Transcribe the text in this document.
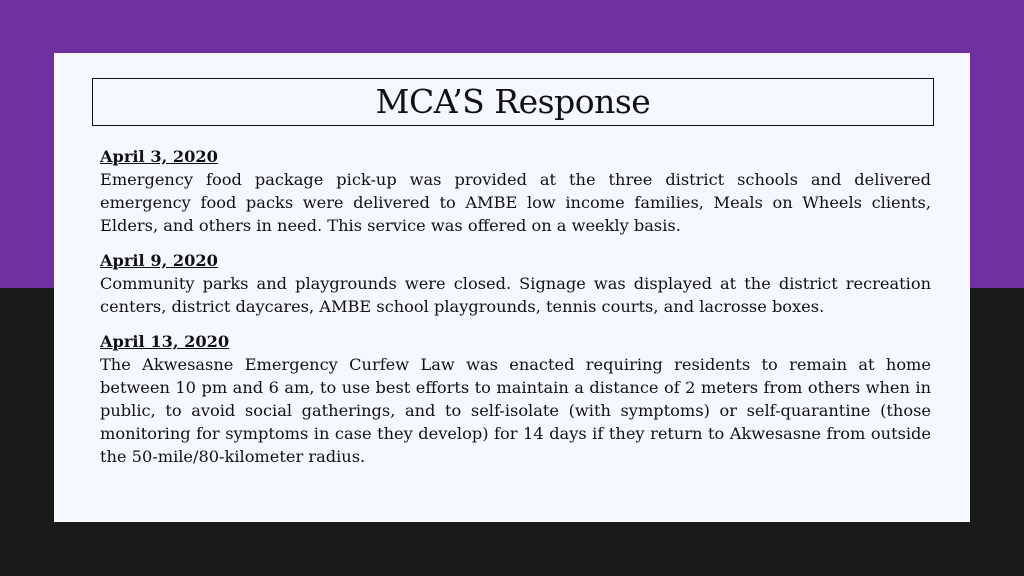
MCA’S Response
April 3, 2020
Emergency food package pick-up was provided at the three district schools and delivered emergency food packs were delivered to AMBE low income families, Meals on Wheels clients, Elders, and others in need. This service was offered on a weekly basis.
April 9, 2020
Community parks and playgrounds were closed. Signage was displayed at the district recreation centers, district daycares, AMBE school playgrounds, tennis courts, and lacrosse boxes.
April 13, 2020
The Akwesasne Emergency Curfew Law was enacted requiring residents to remain at home between 10 pm and 6 am, to use best efforts to maintain a distance of 2 meters from others when in public, to avoid social gatherings, and to self-isolate (with symptoms) or self-quarantine (those monitoring for symptoms in case they develop) for 14 days if they return to Akwesasne from outside the 50-mile/80-kilometer radius.
